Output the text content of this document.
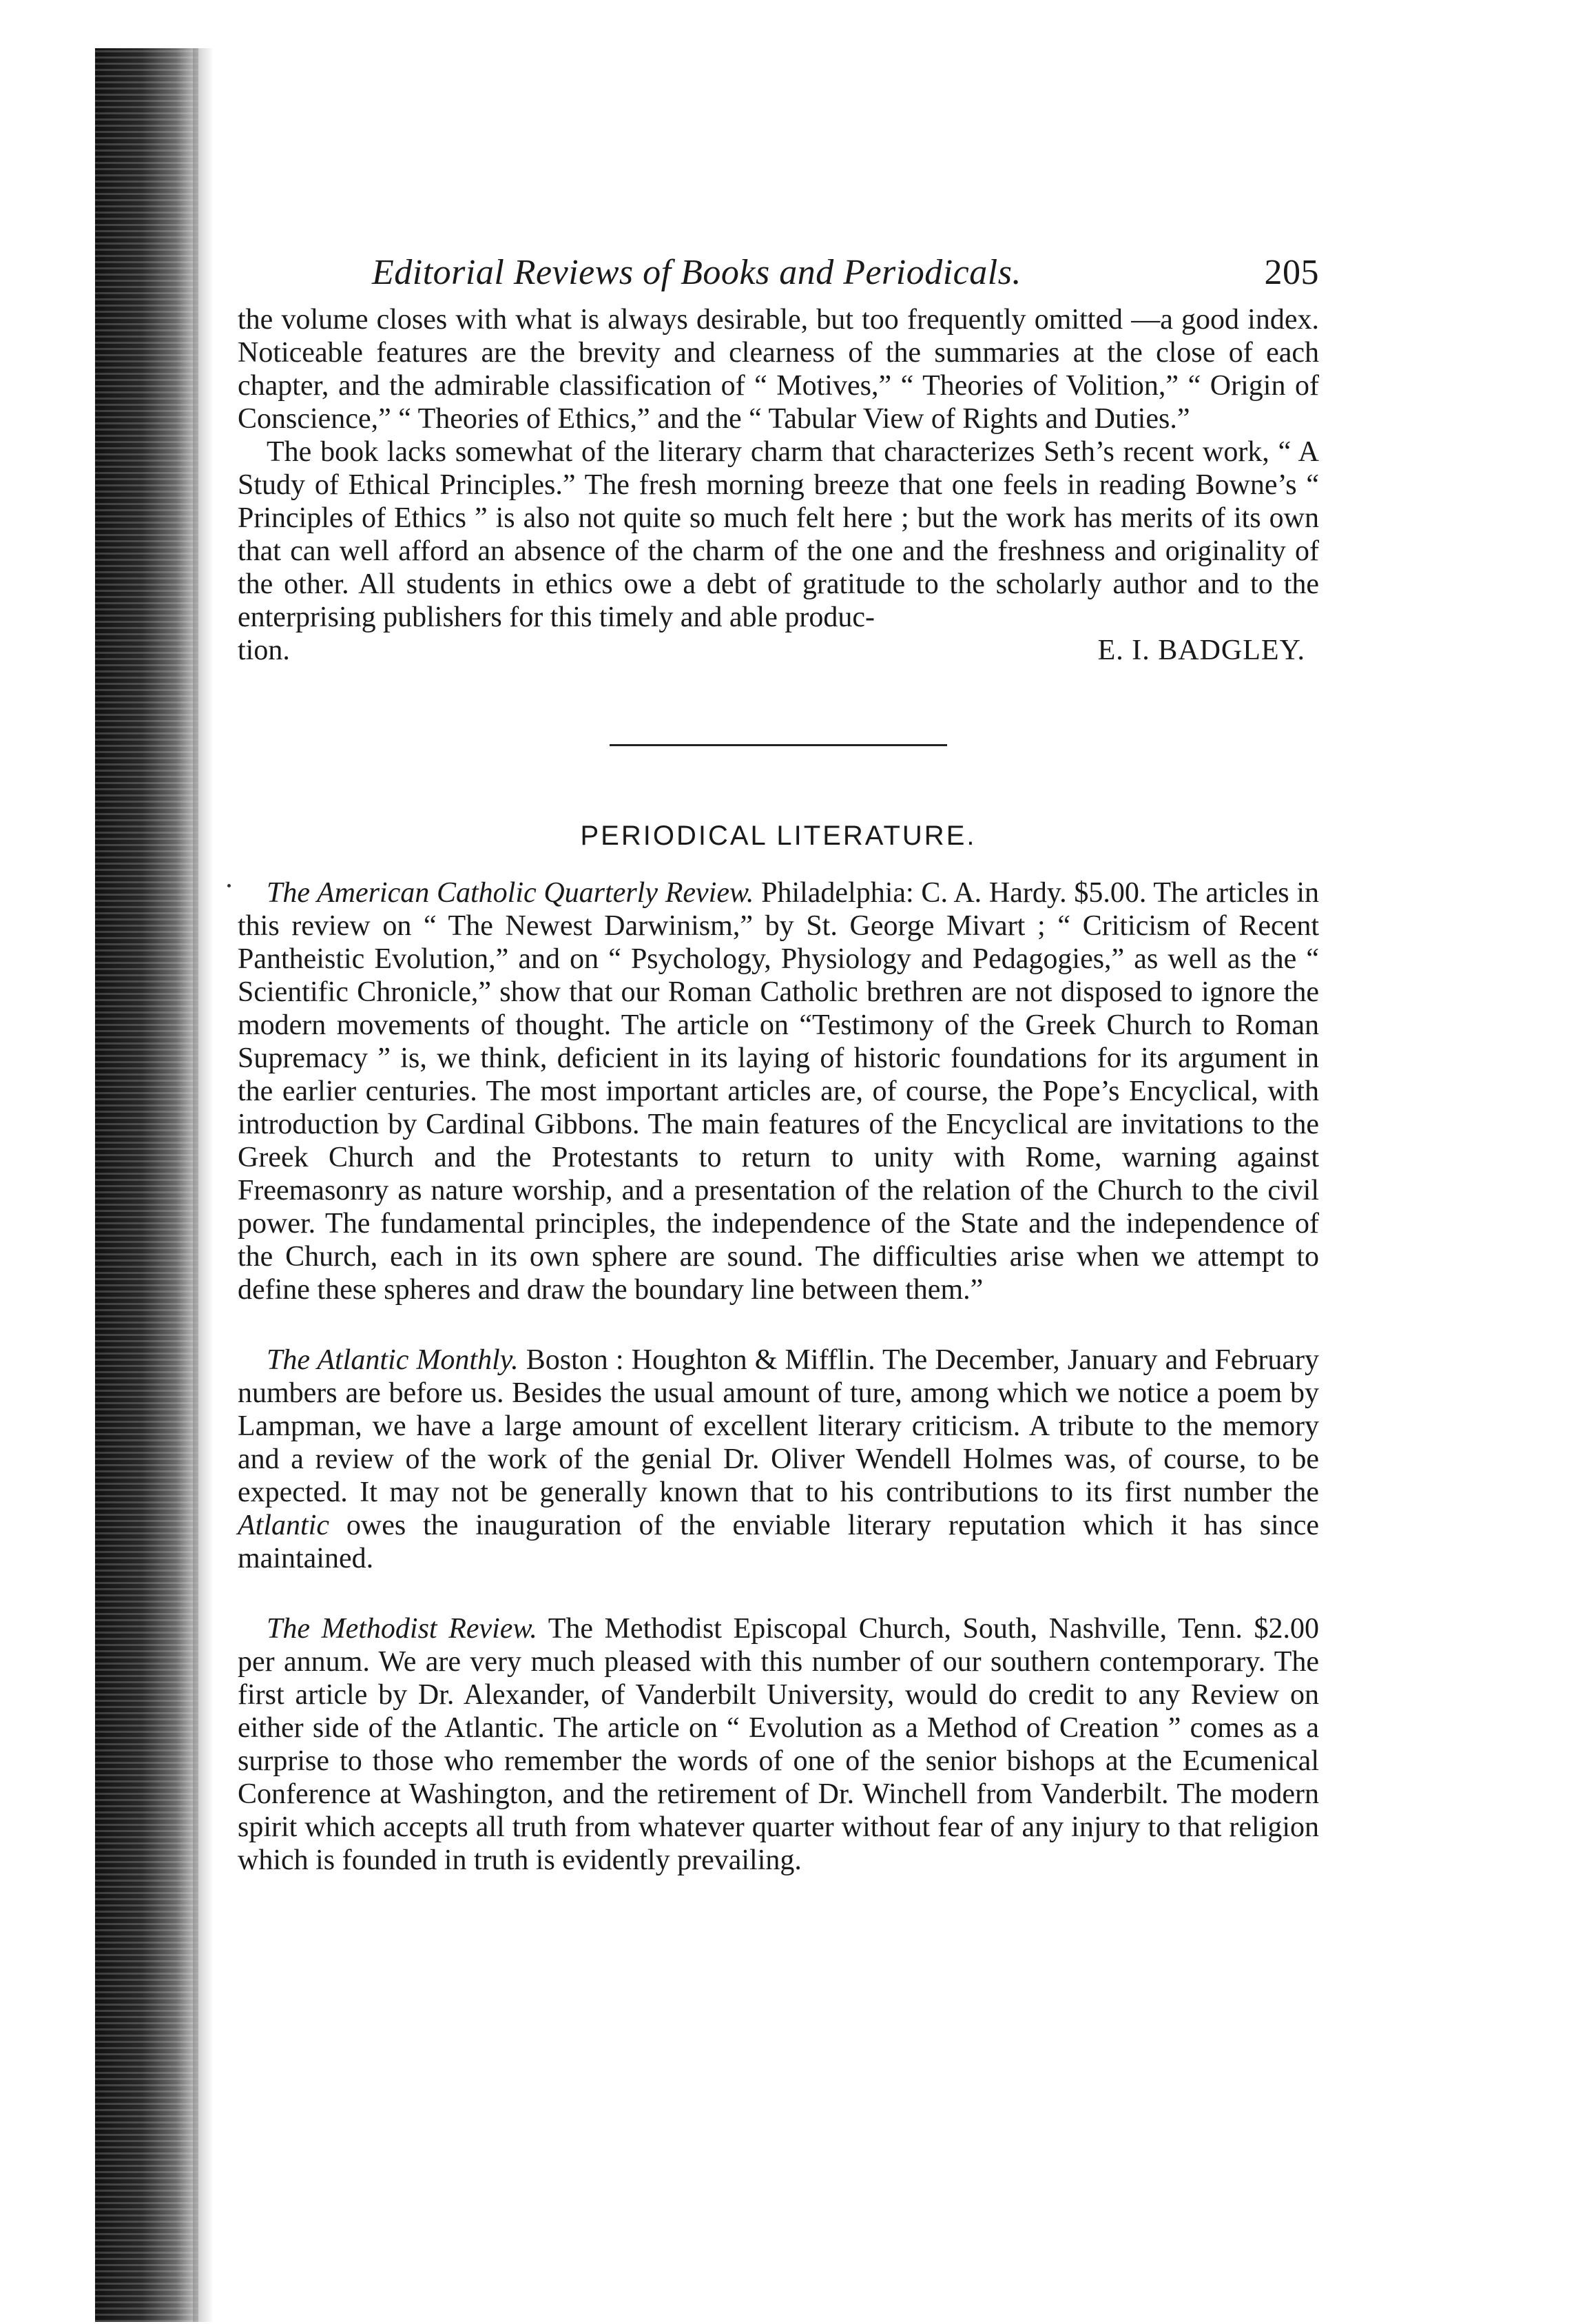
Editorial Reviews of Books and Periodicals.	205

the volume closes with what is always desirable, but too frequently omitted —a good index. Noticeable features are the brevity and clearness of the summaries at the close of each chapter, and the admirable classification of “ Motives,” “ Theories of Volition,” “ Origin of Conscience,” “ Theories of Ethics,” and the “ Tabular View of Rights and Duties.”

The book lacks somewhat of the literary charm that characterizes Seth’s recent work, “ A Study of Ethical Principles.” The fresh morning breeze that one feels in reading Bowne’s “ Principles of Ethics ” is also not quite so much felt here ; but the work has merits of its own that can well afford an absence of the charm of the one and the freshness and originality of the other. All students in ethics owe a debt of gratitude to the scholarly author and to the enterprising publishers for this timely and able produc-

tion.	E. I. BADGLEY.
PERIODICAL LITERATURE.

The American Catholic Quarterly Review. Philadelphia: C. A. Hardy. $5.00. The articles in this review on “ The Newest Darwinism,” by St. George Mivart ; “ Criticism of Recent Pantheistic Evolution,” and on “ Psychology, Physiology and Pedagogies,” as well as the “ Scientific Chronicle,” show that our Roman Catholic brethren are not disposed to ignore the modern movements of thought. The article on “Testimony of the Greek Church to Roman Supremacy ” is, we think, deficient in its laying of historic foundations for its argument in the earlier centuries. The most important articles are, of course, the Pope’s Encyclical, with introduction by Cardinal Gibbons. The main features of the Encyclical are invitations to the Greek Church and the Protestants to return to unity with Rome, warning against Freemasonry as nature worship, and a presentation of the relation of the Church to the civil power. The fundamental principles, the independence of the State and the independence of the Church, each in its own sphere are sound. The difficulties arise when we attempt to define these spheres and draw the boundary line between them.”

The Atlantic Monthly. Boston : Houghton & Mifflin. The December, January and February numbers are before us. Besides the usual amount of ture, among which we notice a poem by Lampman, we have a large amount of excellent literary criticism. A tribute to the memory and a review of the work of the genial Dr. Oliver Wendell Holmes was, of course, to be expected. It may not be generally known that to his contributions to its first number the Atlantic owes the inauguration of the enviable literary reputation which it has since maintained.

The Methodist Review. The Methodist Episcopal Church, South, Nashville, Tenn. $2.00 per annum. We are very much pleased with this number of our southern contemporary. The first article by Dr. Alexander, of Vanderbilt University, would do credit to any Review on either side of the Atlantic. The article on “ Evolution as a Method of Creation ” comes as a surprise to those who remember the words of one of the senior bishops at the Ecumenical Conference at Washington, and the retirement of Dr. Winchell from Vanderbilt. The modern spirit which accepts all truth from whatever quarter without fear of any injury to that religion which is founded in truth is evidently prevailing.
